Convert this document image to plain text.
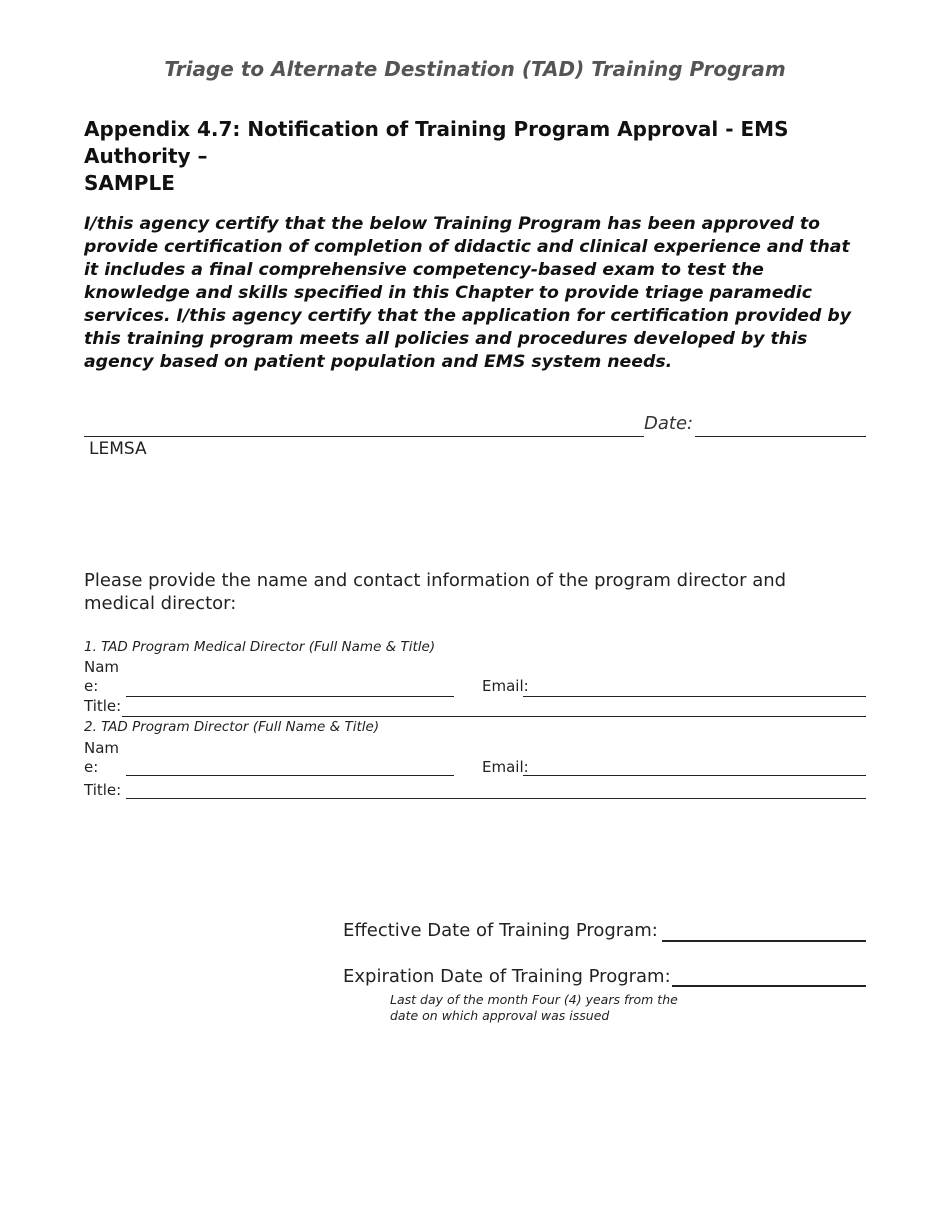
Triage to Alternate Destination (TAD) Training Program
Appendix 4.7: Notification of Training Program Approval - EMS Authority –
SAMPLE
I/this agency certify that the below Training Program has been approved to provide certification of completion of didactic and clinical experience and that it includes a final comprehensive competency-based exam to test the knowledge and skills specified in this Chapter to provide triage paramedic services. I/this agency certify that the application for certification provided by this training program meets all policies and procedures developed by this agency based on patient population and EMS system needs.
Date:
LEMSA
Please provide the name and contact information of the program director and medical director:
1. TAD Program Medical Director (Full Name & Title)
Nam
e:	Email:
Title:
2. TAD Program Director (Full Name & Title)
Nam
e:	Email:
Title:
Effective Date of Training Program:
Expiration Date of Training Program:
Last day of the month Four (4) years from the date on which approval was issued
